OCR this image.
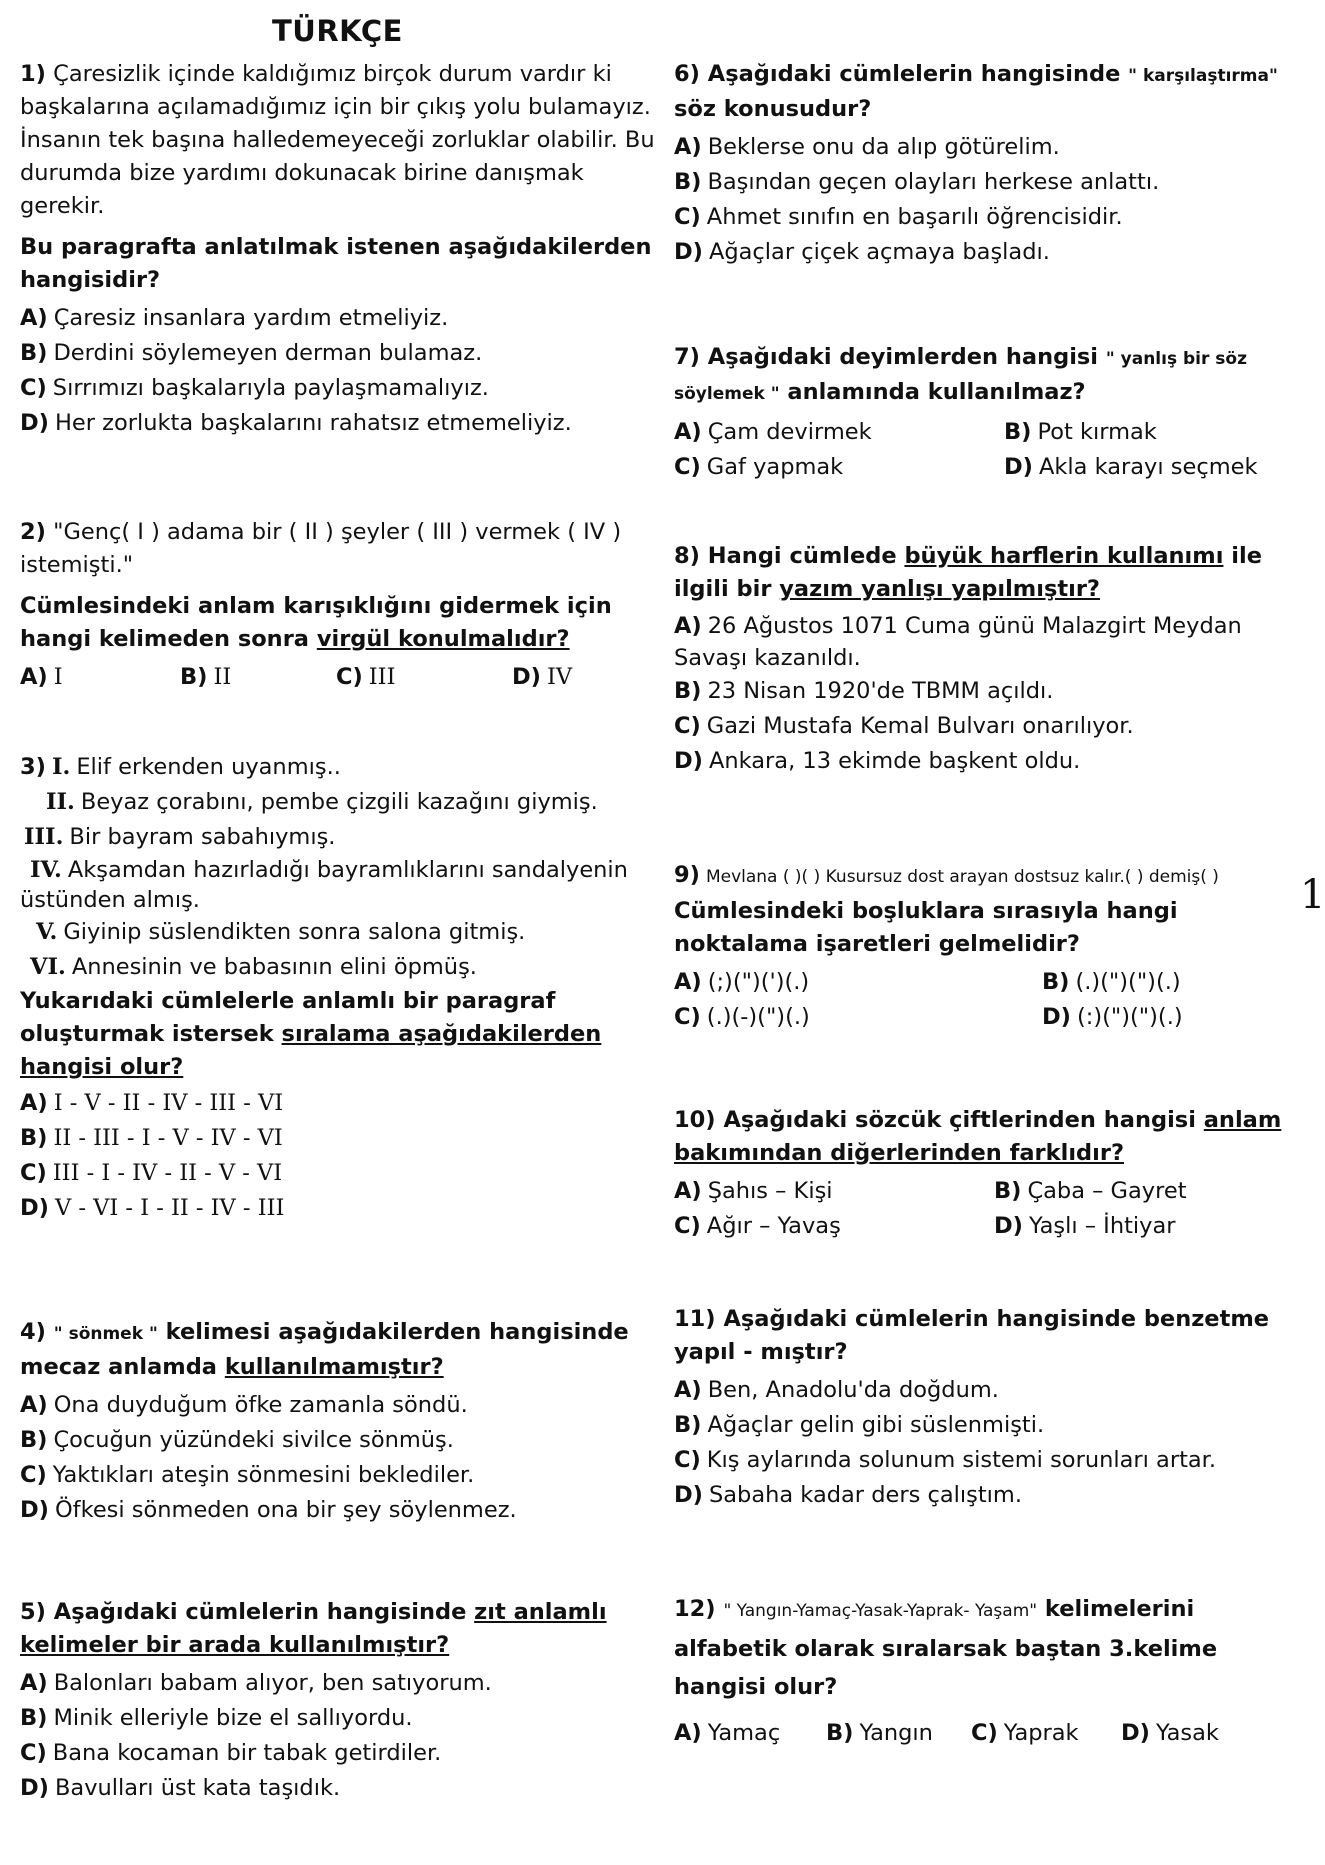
TÜRKÇE

1) Çaresizlik içinde kaldığımız birçok durum vardır ki başkalarına açılamadığımız için bir çıkış yolu bulamayız. İnsanın tek başına halledemeyeceği zorluklar olabilir. Bu durumda bize yardımı dokunacak birine danışmak gerekir.

Bu paragrafta anlatılmak istenen aşağıdakilerden hangisidir?

A) Çaresiz insanlara yardım etmeliyiz.

B) Derdini söylemeyen derman bulamaz.

C) Sırrımızı başkalarıyla paylaşmamalıyız.

D) Her zorlukta başkalarını rahatsız etmemeliyiz.

2) "Genç( I ) adama bir ( II ) şeyler ( III ) vermek ( IV ) istemişti."

Cümlesindeki anlam karışıklığını gidermek için hangi kelimeden sonra virgül konulmalıdır?

A) I	B) II	C) III	D) IV

3) I. Elif erkenden uyanmış..

II. Beyaz çorabını, pembe çizgili kazağını giymiş.

III. Bir bayram sabahıymış.

IV. Akşamdan hazırladığı bayramlıklarını sandalyenin

üstünden almış.

V. Giyinip süslendikten sonra salona gitmiş.

VI. Annesinin ve babasının elini öpmüş.

Yukarıdaki cümlelerle anlamlı bir paragraf oluşturmak istersek sıralama aşağıdakilerden hangisi olur?

A) I - V - II - IV - III - VI

B) II - III - I - V - IV - VI

C) III - I - IV - II - V - VI

D) V - VI - I - II - IV - III

4) " sönmek " kelimesi aşağıdakilerden hangisinde mecaz anlamda kullanılmamıştır?

A) Ona duyduğum öfke zamanla söndü.

B) Çocuğun yüzündeki sivilce sönmüş.

C) Yaktıkları ateşin sönmesini beklediler.

D) Öfkesi sönmeden ona bir şey söylenmez.

5) Aşağıdaki cümlelerin hangisinde zıt anlamlı kelimeler bir arada kullanılmıştır?

A) Balonları babam alıyor, ben satıyorum.

B) Minik elleriyle bize el sallıyordu.

C) Bana kocaman bir tabak getirdiler.

D) Bavulları üst kata taşıdık.

6) Aşağıdaki cümlelerin hangisinde " karşılaştırma" söz konusudur?

A) Beklerse onu da alıp götürelim.

B) Başından geçen olayları herkese anlattı.

C) Ahmet sınıfın en başarılı öğrencisidir.

D) Ağaçlar çiçek açmaya başladı.

7) Aşağıdaki deyimlerden hangisi " yanlış bir söz söylemek " anlamında kullanılmaz?

A) Çam devirmek	B) Pot kırmak
C) Gaf yapmak	D) Akla karayı seçmek

8) Hangi cümlede büyük harflerin kullanımı ile ilgili bir yazım yanlışı yapılmıştır?

A) 26 Ağustos 1071 Cuma günü Malazgirt Meydan Savaşı kazanıldı.

B) 23 Nisan 1920'de TBMM açıldı.

C) Gazi Mustafa Kemal Bulvarı onarılıyor.

D) Ankara, 13 ekimde başkent oldu.

9) Mevlana ( )( ) Kusursuz dost arayan dostsuz kalır.( ) demiş( )

Cümlesindeki boşluklara sırasıyla hangi noktalama işaretleri gelmelidir?

A) (;)(")(')(.)	B) (.)(")(")(.)
C) (.)(-)(")(.)	D) (:)(")(")(.)

10) Aşağıdaki sözcük çiftlerinden hangisi anlam bakımından diğerlerinden farklıdır?

A) Şahıs – Kişi	B) Çaba – Gayret
C) Ağır – Yavaş	D) Yaşlı – İhtiyar

11) Aşağıdaki cümlelerin hangisinde benzetme yapıl - mıştır?

A) Ben, Anadolu'da doğdum.

B) Ağaçlar gelin gibi süslenmişti.

C) Kış aylarında solunum sistemi sorunları artar.

D) Sabaha kadar ders çalıştım.

12) " Yangın-Yamaç-Yasak-Yaprak- Yaşam" kelimelerini alfabetik olarak sıralarsak baştan 3.kelime hangisi olur?

A) Yamaç	B) Yangın	C) Yaprak	D) Yasak
1
